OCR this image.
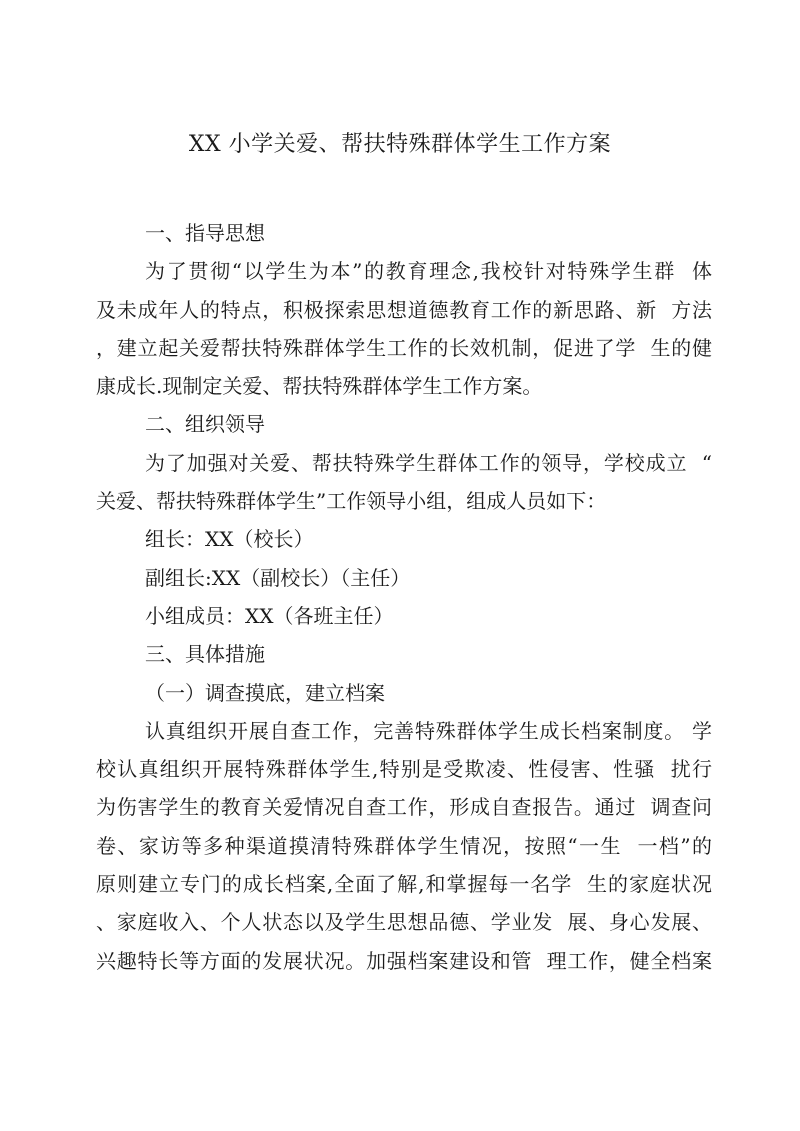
XX 小学关爱、帮扶特殊群体学生工作方案
一、指导思想
为了贯彻“以学生为本”的教育理念,我校针对特殊学生群  体
及未成年人的特点，积极探索思想道德教育工作的新思路、新  方法
，建立起关爱帮扶特殊群体学生工作的长效机制，促进了学  生的健
康成长.现制定关爱、帮扶特殊群体学生工作方案。
二、组织领导
为了加强对关爱、帮扶特殊学生群体工作的领导，学校成立  “
关爱、帮扶特殊群体学生”工作领导小组，组成人员如下：
组长：XX（校长）
副组长:XX（副校长）（主任）
小组成员：XX（各班主任）
三、具体措施
（一）调查摸底，建立档案
认真组织开展自查工作，完善特殊群体学生成长档案制度。 学
校认真组织开展特殊群体学生,特别是受欺凌、性侵害、性骚  扰行
为伤害学生的教育关爱情况自查工作，形成自查报告。通过  调查问
卷、家访等多种渠道摸清特殊群体学生情况，按照“一生  一档”的
原则建立专门的成长档案,全面了解,和掌握每一名学  生的家庭状况
、家庭收入、个人状态以及学生思想品德、学业发  展、身心发展、
兴趣特长等方面的发展状况。加强档案建设和管  理工作，健全档案
